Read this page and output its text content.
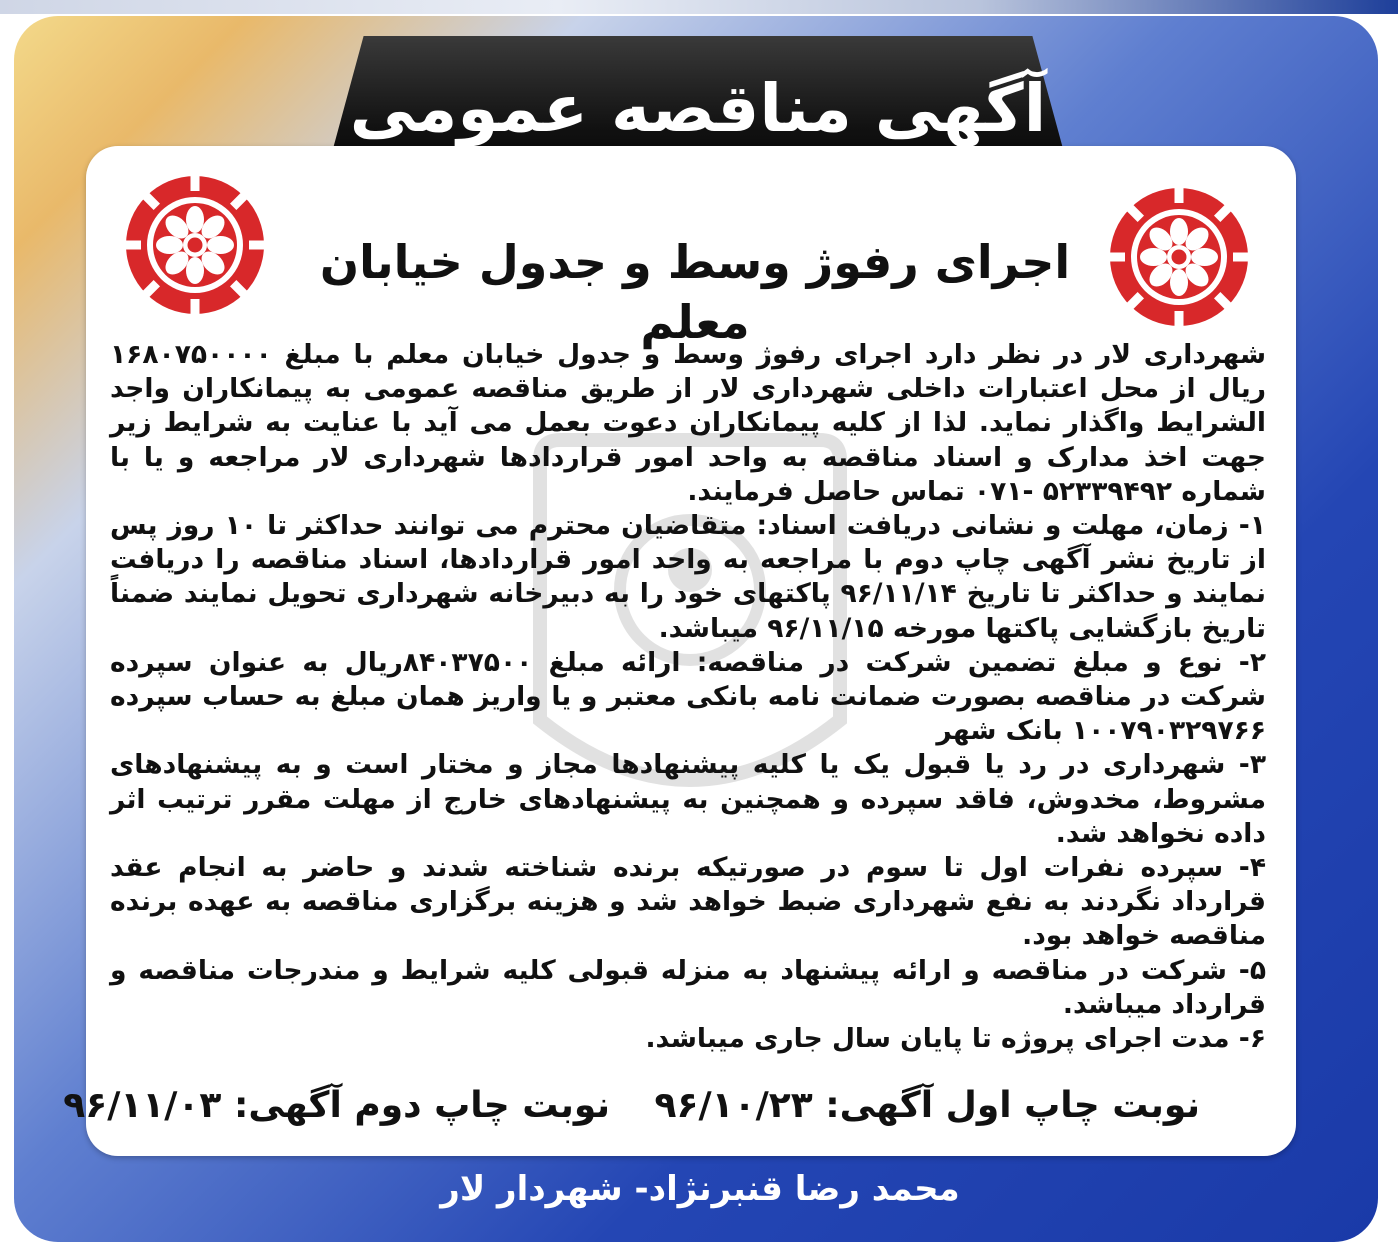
آگهی مناقصه عمومی
اجرای رفوژ وسط و جدول خیابان معلم

شهرداری لار در نظر دارد اجرای رفوژ وسط و جدول خیابان معلم با مبلغ ۱۶۸۰۷۵۰۰۰۰ ریال از محل اعتبارات داخلی شهرداری لار از طریق مناقصه عمومی به پیمانکاران واجد الشرایط واگذار نماید. لذا از کلیه پیمانکاران دعوت بعمل می آید با عنایت به شرایط زیر جهت اخذ مدارک و اسناد مناقصه به واحد امور قراردادها شهرداری لار مراجعه و یا با شماره ۵۲۳۳۹۴۹۲ -۰۷۱ تماس حاصل فرمایند.

۱- زمان، مهلت و نشانی دریافت اسناد: متقاضیان محترم می توانند حداکثر تا ۱۰ روز پس از تاریخ نشر آگهی چاپ دوم با مراجعه به واحد امور قراردادها، اسناد مناقصه را دریافت نمایند و حداکثر تا تاریخ ۹۶/۱۱/۱۴ پاکتهای خود را به دبیرخانه شهرداری تحویل نمایند ضمناً تاریخ بازگشایی پاکتها مورخه ۹۶/۱۱/۱۵ میباشد.

۲- نوع و مبلغ تضمین شرکت در مناقصه: ارائه مبلغ ۸۴۰۳۷۵۰۰ریال به عنوان سپرده شرکت در مناقصه بصورت ضمانت نامه بانکی معتبر و یا واریز همان مبلغ به حساب سپرده ۱۰۰۷۹۰۳۲۹۷۶۶ بانک شهر

۳- شهرداری در رد یا قبول یک یا کلیه پیشنهادها مجاز و مختار است و به پیشنهادهای مشروط، مخدوش، فاقد سپرده و همچنین به پیشنهادهای خارج از مهلت مقرر ترتیب اثر داده نخواهد شد.

۴- سپرده نفرات اول تا سوم در صورتیکه برنده شناخته شدند و حاضر به انجام عقد قرارداد نگردند به نفع شهرداری ضبط خواهد شد و هزینه برگزاری مناقصه به عهده برنده مناقصه خواهد بود.

۵- شرکت در مناقصه و ارائه پیشنهاد به منزله قبولی کلیه شرایط و مندرجات مناقصه و قرارداد میباشد.

۶- مدت اجرای پروژه تا پایان سال جاری میباشد.

نوبت چاپ اول آگهی: ۹۶/۱۰/۲۳
نوبت چاپ دوم آگهی: ۹۶/۱۱/۰۳
محمد رضا قنبرنژاد- شهردار لار
